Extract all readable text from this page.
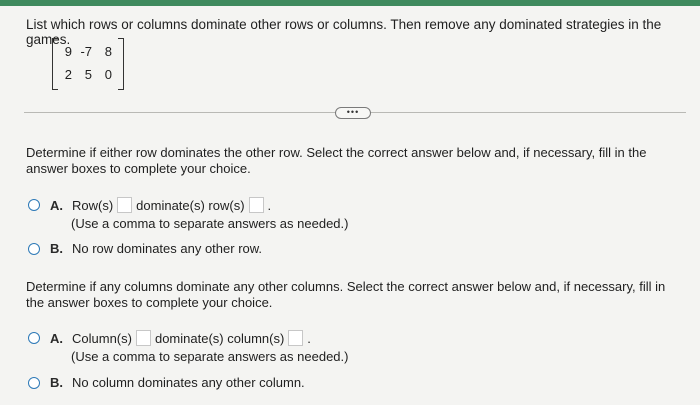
List which rows or columns dominate other rows or columns. Then remove any dominated strategies in the games.
9 -7 8
2 5 0
•••
Determine if either row dominates the other row. Select the correct answer below and, if necessary, fill in the answer boxes to complete your choice.
A. Row(s) dominate(s) row(s) .
(Use a comma to separate answers as needed.)
B. No row dominates any other row.
Determine if any columns dominate any other columns. Select the correct answer below and, if necessary, fill in the answer boxes to complete your choice.
A. Column(s) dominate(s) column(s) .
(Use a comma to separate answers as needed.)
B. No column dominates any other column.
